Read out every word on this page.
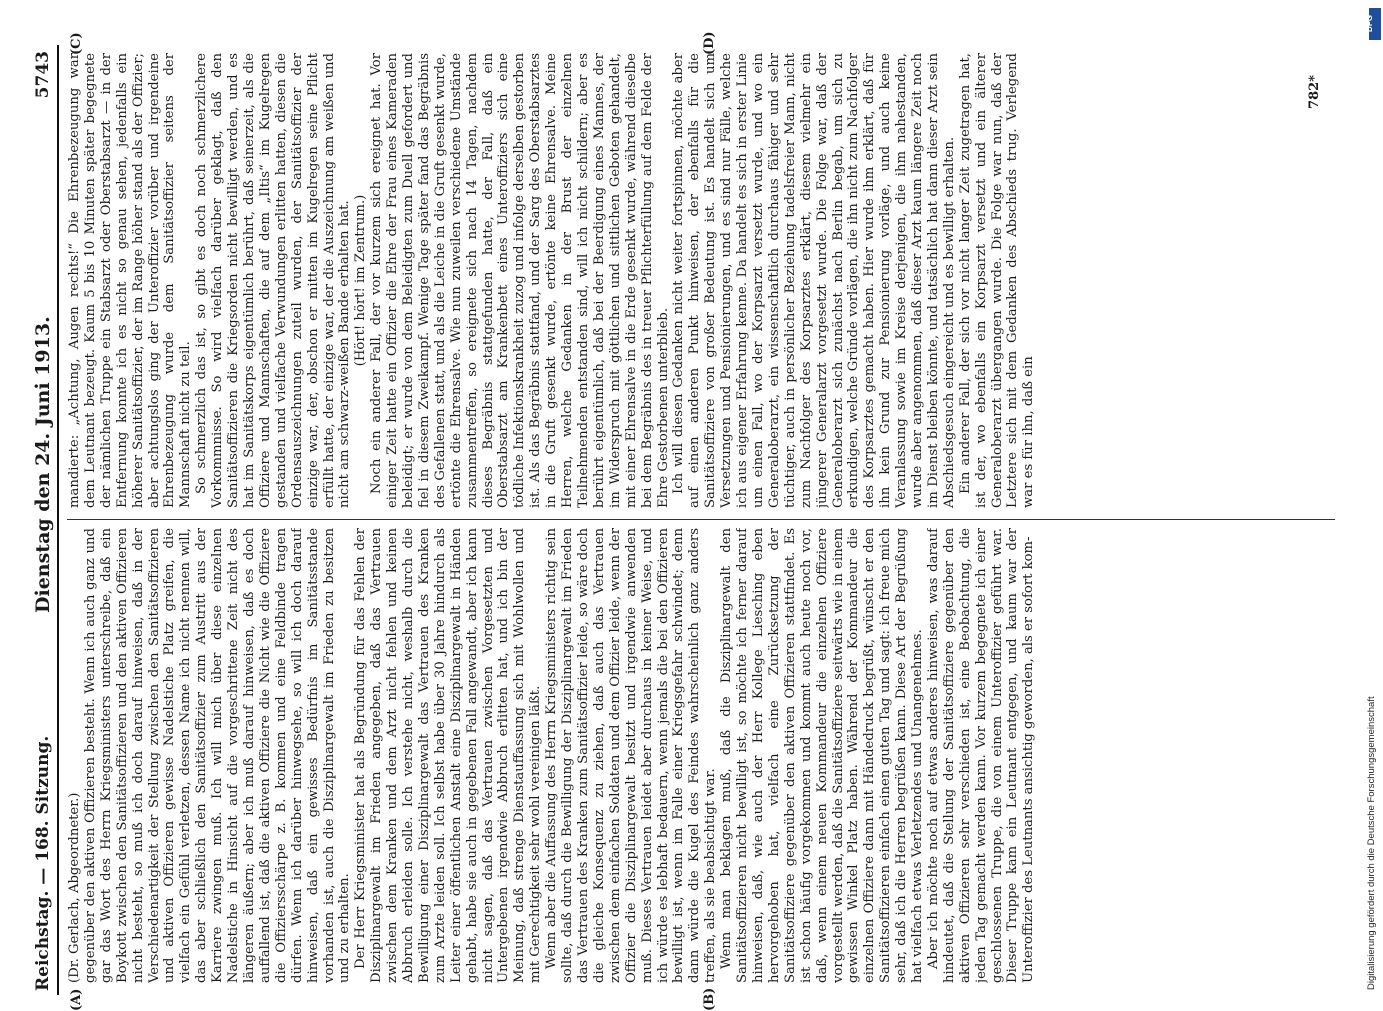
Reichstag. — 168. Sitzung.
Dienstag den 24. Juni 1913.
5743
(A)	(B)
(C)	(D)

(Dr. Gerlach, Abgeordneter.) gegenüber den aktiven Offizieren besteht. Wenn ich auch ganz und gar das Wort des Herrn Kriegsministers unterschreibe, daß ein Boykott zwischen den Sanitätsoffizieren und den aktiven Offizieren nicht besteht, so muß ich doch darauf hinweisen, daß in der Verschiedenartigkeit der Stellung zwischen den Sanitätsoffizieren und aktiven Offizieren gewisse Nadelstiche Platz greifen, die vielfach ein Gefühl verletzen, dessen Name ich nicht nennen will, das aber schließlich den Sanitätsoffizier zum Austritt aus der Karriere zwingen muß. Ich will mich über diese einzelnen Nadelstiche in Hinsicht auf die vorgeschrittene Zeit nicht des längeren äußern; aber ich muß darauf hinweisen, daß es doch auffallend ist, daß die aktiven Offiziere die Nicht wie die Offiziere die Offiziersschärpe z. B. kommen und eine Feldbinde tragen dürfen. Wenn ich darüber hinwegsehe, so will ich doch darauf hinweisen, daß ein gewisses Bedürfnis im Sanitätsstande vorhanden ist, auch die Disziplinargewalt im Frieden zu besitzen und zu erhalten. Der Herr Kriegsminister hat als Begründung für das Fehlen der Disziplinargewalt im Frieden angegeben, daß das Vertrauen zwischen dem Kranken und dem Arzt nicht fehlen und keinen Abbruch erleiden solle. Ich verstehe nicht, weshalb durch die Bewilligung einer Disziplinargewalt das Vertrauen des Kranken zum Arzte leiden soll. Ich selbst habe über 30 Jahre hindurch als Leiter einer öffentlichen Anstalt eine Disziplinargewalt in Händen gehabt, habe sie auch in gegebenen Fall angewandt, aber ich kann nicht sagen, daß das Vertrauen zwischen Vorgesetzten und Untergebenen irgendwie Abbruch erlitten hat, und ich bin der Meinung, daß strenge Dienstauffassung sich mit Wohlwollen und mit Gerechtigkeit sehr wohl vereinigen läßt. Wenn aber die Auffassung des Herrn Kriegsministers richtig sein sollte, daß durch die Bewilligung der Disziplinargewalt im Frieden das Vertrauen des Kranken zum Sanitätsoffizier leide, so wäre doch die gleiche Konsequenz zu ziehen, daß auch das Vertrauen zwischen dem einfachen Soldaten und dem Offizier leide, wenn der Offizier die Disziplinargewalt besitzt und irgendwie anwenden muß. Dieses Vertrauen leidet aber durchaus in keiner Weise, und ich würde es lebhaft bedauern, wenn jemals die bei den Offizieren bewilligt ist, wenn im Falle einer Kriegsgefahr schwindet; denn dann würde die Kugel des Feindes wahrscheinlich ganz anders treffen, als sie beabsichtigt war. Wenn man beklagen muß, daß die Disziplinargewalt den Sanitätsoffizieren nicht bewilligt ist, so möchte ich ferner darauf hinweisen, daß, wie auch der Herr Kollege Liesching eben hervorgehoben hat, vielfach eine Zurücksetzung der Sanitätsoffiziere gegenüber den aktiven Offizieren stattfindet. Es ist schon häufig vorgekommen und kommt auch heute noch vor, daß, wenn einem neuen Kommandeur die einzelnen Offiziere vorgestellt werden, daß die Sanitätsoffiziere seitwärts wie in einem gewissen Winkel Platz haben. Während der Kommandeur die einzelnen Offiziere dann mit Händedruck begrüßt, wünscht er den Sanitätsoffizieren einfach einen guten Tag und sagt: ich freue mich sehr, daß ich die Herren begrüßen kann. Diese Art der Begrüßung hat vielfach etwas Verletzendes und Unangenehmes. Aber ich möchte noch auf etwas anderes hinweisen, was darauf hindeutet, daß die Stellung der Sanitätsoffiziere gegenüber den aktiven Offizieren sehr verschieden ist, eine Beobachtung, die jeden Tag gemacht werden kann. Vor kurzem begegnete ich einer geschlossenen Truppe, die von einem Unteroffizier geführt war. Dieser Truppe kam ein Leutnant entgegen, und kaum war der Unteroffizier des Leutnants ansichtig geworden, als er sofort kom-

mandierte: „Achtung, Augen rechts!“ Die Ehrenbezeugung war dem Leutnant bezeugt. Kaum 5 bis 10 Minuten später begegnete der nämlichen Truppe ein Stabsarzt oder Oberstabsarzt — in der Entfernung konnte ich es nicht so genau sehen, jedenfalls ein höherer Sanitätsoffizier, der im Range höher stand als der Offizier; aber achtungslos ging der Unteroffizier vorüber und irgendeine Ehrenbezeugung wurde dem Sanitätsoffizier seitens der Mannschaft nicht zu teil. So schmerzlich das ist, so gibt es doch noch schmerzlichere Vorkommnisse. So wird vielfach darüber geklagt, daß den Sanitätsoffizieren die Kriegsorden nicht bewilligt werden, und es hat im Sanitätskorps eigentümlich berührt, daß seinerzeit, als die Offiziere und Mannschaften, die auf dem „Iltis“ im Kugelregen gestanden und vielfache Verwundungen erlitten hatten, diesen die Ordensauszeichnungen zuteil wurden, der Sanitätsoffizier der einzige war, der, obschon er mitten im Kugelregen seine Pflicht erfüllt hatte, der einzige war, der die Auszeichnung am weißen und nicht am schwarz-weißen Bande erhalten hat. (Hört! hört! im Zentrum.) Noch ein anderer Fall, der vor kurzem sich ereignet hat. Vor einiger Zeit hatte ein Offizier die Ehre der Frau eines Kameraden beleidigt; er wurde von dem Beleidigten zum Duell gefordert und fiel in diesem Zweikampf. Wenige Tage später fand das Begräbnis des Gefallenen statt, und als die Leiche in die Gruft gesenkt wurde, ertönte die Ehrensalve. Wie nun zuweilen verschiedene Umstände zusammentreffen, so ereignete sich nach 14 Tagen, nachdem dieses Begräbnis stattgefunden hatte, der Fall, daß ein Oberstabsarzt am Krankenbett eines Unteroffiziers sich eine tödliche Infektionskrankheit zuzog und infolge derselben gestorben ist. Als das Begräbnis stattfand, und der Sarg des Oberstabsarztes in die Gruft gesenkt wurde, ertönte keine Ehrensalve. Meine Herren, welche Gedanken in der Brust der einzelnen Teilnehmenden entstanden sind, will ich nicht schildern; aber es berührt eigentümlich, daß bei der Beerdigung eines Mannes, der im Widerspruch mit göttlichen und sittlichen Geboten gehandelt, mit einer Ehrensalve in die Erde gesenkt wurde, während dieselbe bei dem Begräbnis des in treuer Pflichterfüllung auf dem Felde der Ehre Gestorbenen unterblieb. Ich will diesen Gedanken nicht weiter fortspinnen, möchte aber auf einen anderen Punkt hinweisen, der ebenfalls für die Sanitätsoffiziere von großer Bedeutung ist. Es handelt sich um Versetzungen und Pensionierungen, und es sind nur Fälle, welche ich aus eigener Erfahrung kenne. Da handelt es sich in erster Linie um einen Fall, wo der Korpsarzt versetzt wurde, und wo ein Generaloberarzt, ein wissenschaftlich durchaus fähiger und sehr tüchtiger, auch in persönlicher Beziehung tadelsfreier Mann, nicht zum Nachfolger des Korpsarztes erklärt, diesem vielmehr ein jüngerer Generalarzt vorgesetzt wurde. Die Folge war, daß der Generaloberarzt sich zunächst nach Berlin begab, um sich zu erkundigen, welche Gründe vorlägen, die ihn nicht zum Nachfolger des Korpsarztes gemacht haben. Hier wurde ihm erklärt, daß für ihn kein Grund zur Pensionierung vorläge, und auch keine Veranlassung sowie im Kreise derjenigen, die ihm nahestanden, wurde aber angenommen, daß dieser Arzt kaum längere Zeit noch im Dienst bleiben könnte, und tatsächlich hat dann dieser Arzt sein Abschiedsgesuch eingereicht und es bewilligt erhalten. Ein anderer Fall, der sich vor nicht langer Zeit zugetragen hat, ist der, wo ebenfalls ein Korpsarzt versetzt und ein älterer Generaloberarzt übergangen wurde. Die Folge war nun, daß der Letztere sich mit dem Gedanken des Abschieds trug. Verlegend war es für ihn, daß ein

782*
Digitalisierung gefördert durch die Deutsche Forschungsgemeinschaft
DFG
